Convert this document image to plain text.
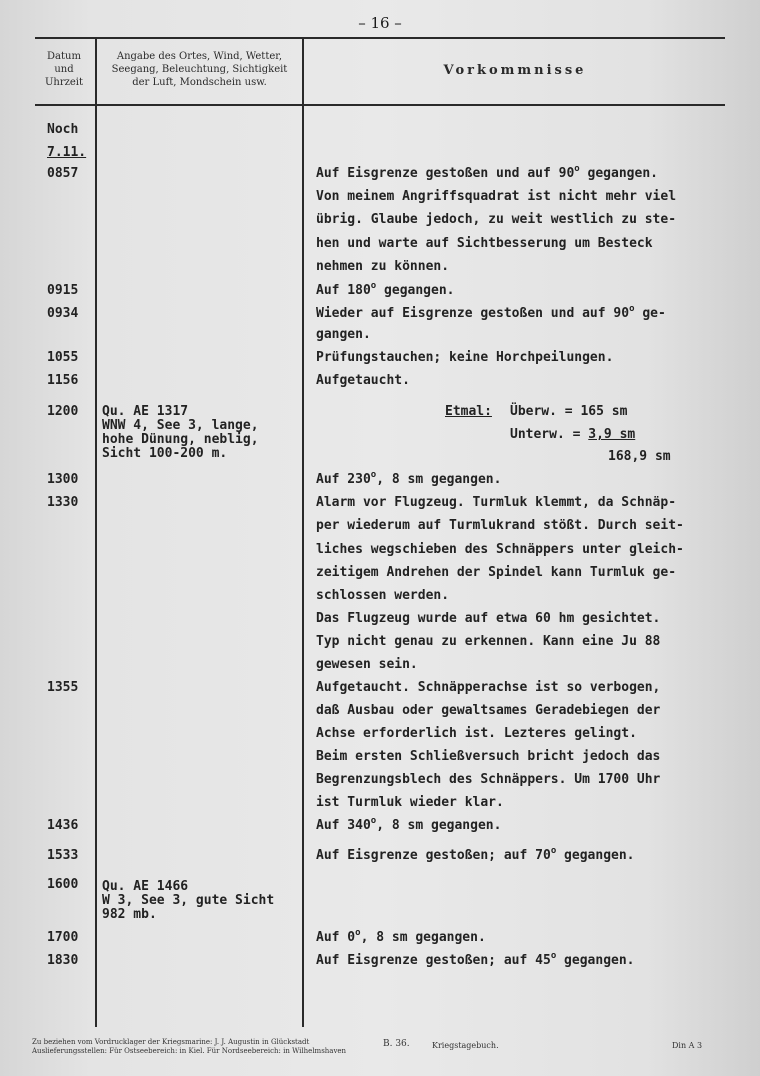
– 16 –
Datum
und
Uhrzeit
Angabe des Ortes, Wind, Wetter,
Seegang, Beleuchtung, Sichtigkeit
der Luft, Mondschein usw.
Vorkommnisse
Noch
7.11.
0857
0915
0934
1055
1156
1200
1300
1330
1355
1436
1533
1600
1700
1830
Qu. AE 1317
WNW 4, See 3, lange,
hohe Dünung, neblig,
Sicht 100-200 m.
Qu. AE 1466
W 3, See 3, gute Sicht
982 mb.
Auf Eisgrenze gestoßen und auf 90$^o$ gegangen.
Von meinem Angriffsquadrat ist nicht mehr viel
übrig. Glaube jedoch, zu weit westlich zu ste-
hen und warte auf Sichtbesserung um Besteck
nehmen zu können.
Auf 180$^o$ gegangen.
Wieder auf Eisgrenze gestoßen und auf 90$^o$ ge-
gangen.
Prüfungstauchen; keine Horchpeilungen.
Aufgetaucht.
Etmal: Überw. = 165 sm
Unterw. = 3,9 sm
168,9 sm
Auf 230$^o$, 8 sm gegangen.
Alarm vor Flugzeug. Turmluk klemmt, da Schnäp-
per wiederum auf Turmlukrand stößt. Durch seit-
liches wegschieben des Schnäppers unter gleich-
zeitigem Andrehen der Spindel kann Turmluk ge-
schlossen werden.
Das Flugzeug wurde auf etwa 60 hm gesichtet.
Typ nicht genau zu erkennen. Kann eine Ju 88
gewesen sein.
Aufgetaucht. Schnäpperachse ist so verbogen,
daß Ausbau oder gewaltsames Geradebiegen der
Achse erforderlich ist. Lezteres gelingt.
Beim ersten Schließversuch bricht jedoch das
Begrenzungsblech des Schnäppers. Um 1700 Uhr
ist Turmluk wieder klar.
Auf 340$^o$, 8 sm gegangen.
Auf Eisgrenze gestoßen; auf 70$^o$ gegangen.
Auf 0$^o$, 8 sm gegangen.
Auf Eisgrenze gestoßen; auf 45$^o$ gegangen.
Zu beziehen vom Vordrucklager der Kriegsmarine: J. J. Augustin in Glückstadt
Auslieferungsstellen: Für Ostseebereich: in Kiel. Für Nordseebereich: in Wilhelmshaven
B. 36.	Kriegstagebuch.	Din A 3
